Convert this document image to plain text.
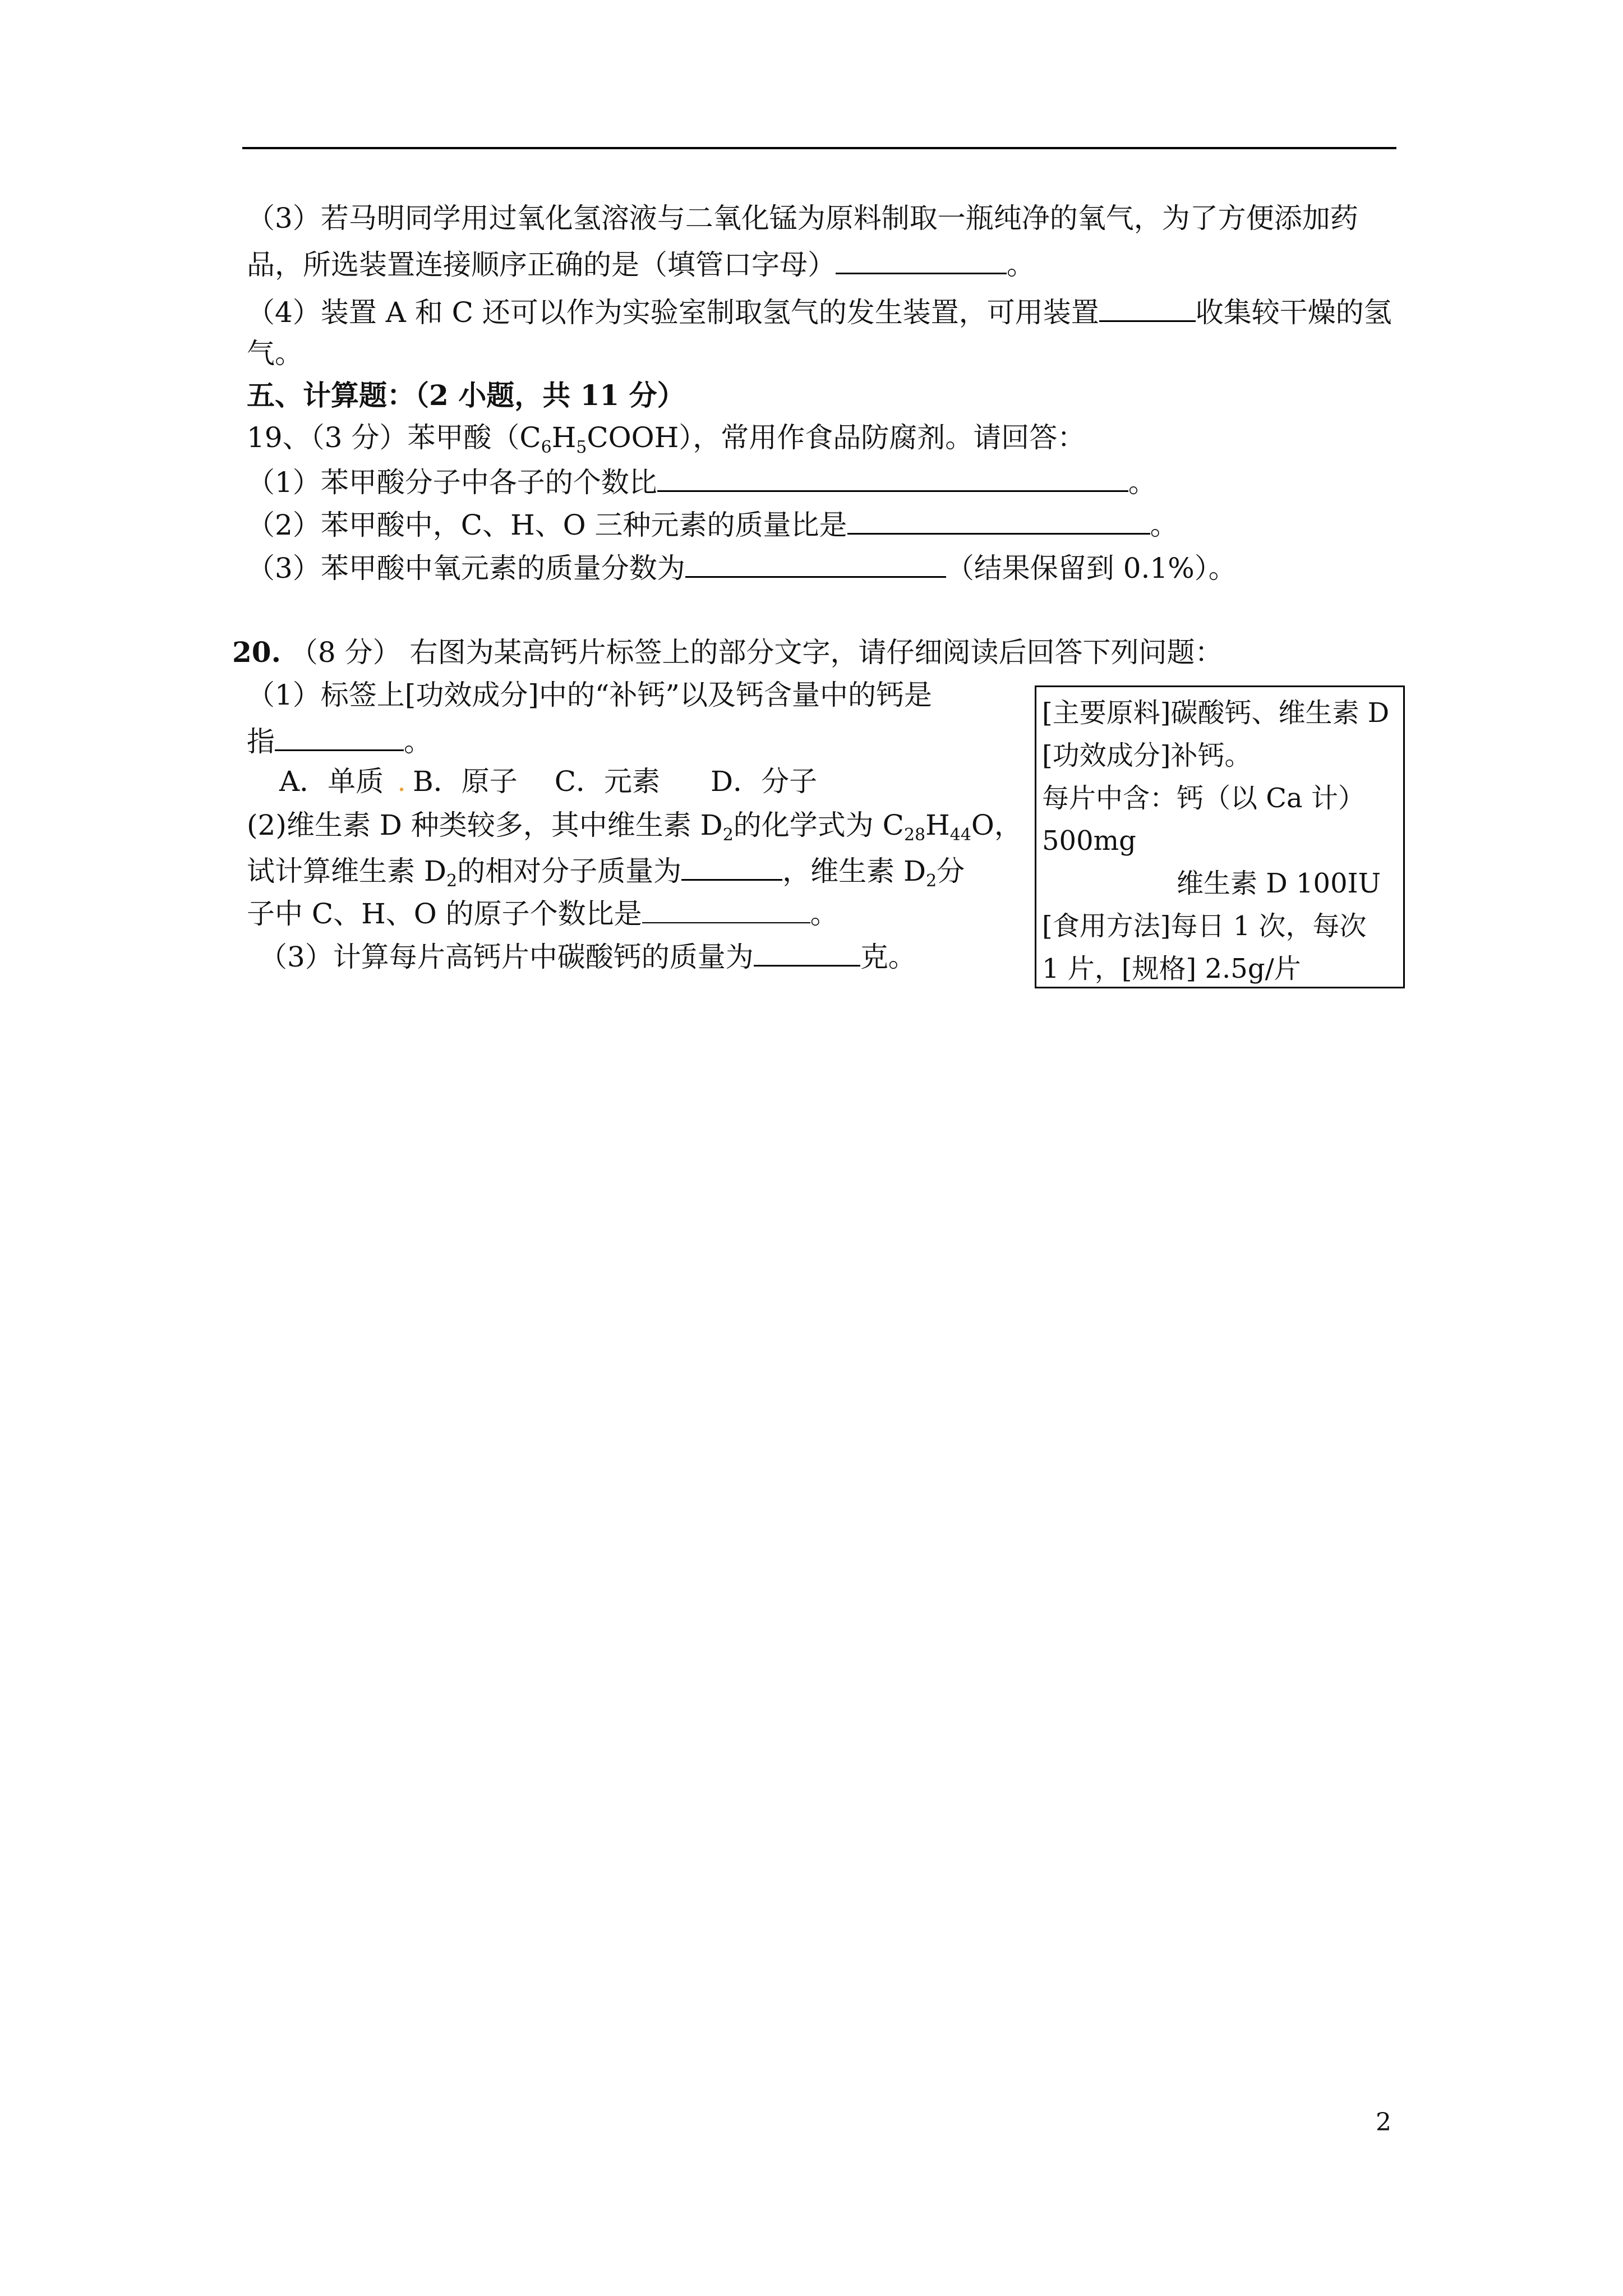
（3）若马明同学用过氧化氢溶液与二氧化锰为原料制取一瓶纯净的氧气，为了方便添加药
品，所选装置连接顺序正确的是（填管口字母）	。
（4）装置 A 和 C 还可以作为实验室制取氢气的发生装置，可用装置	收集较干燥的氢
气。
五、计算题：（2 小题，共 11 分）
19、（3 分）苯甲酸$(C_6H_5COOH)$，常用作食品防腐剂。请回答：
（1）苯甲酸分子中各子的个数比	。
（2）苯甲酸中，C、H、O 三种元素的质量比是	。
（3）苯甲酸中氧元素的质量分数为	（结果保留到 0.1%）。
20. （8 分） 右图为某高钙片标签上的部分文字，请仔细阅读后回答下列问题：
（1）标签上[功效成分]中的“补钙”以及钙含量中的钙是
指	。
A．单质 . B．原子 C．元素 D．分子
(2)维生素 D 种类较多，其中维生素 $D_2$的化学式为 $C_{28}H_{44}O$，
试计算维生素 $D_2$的相对分子质量为	，维生素 $D_2$分
子中 C、H、O 的原子个数比是	。
（3）计算每片高钙片中碳酸钙的质量为	克。
[主要原料]碳酸钙、维生素 D
[功效成分]补钙。
每片中含：钙（以 Ca 计）
500mg
维生素 D 100IU
[食用方法]每日 1 次，每次
1 片，[规格] 2.5g/片
2
